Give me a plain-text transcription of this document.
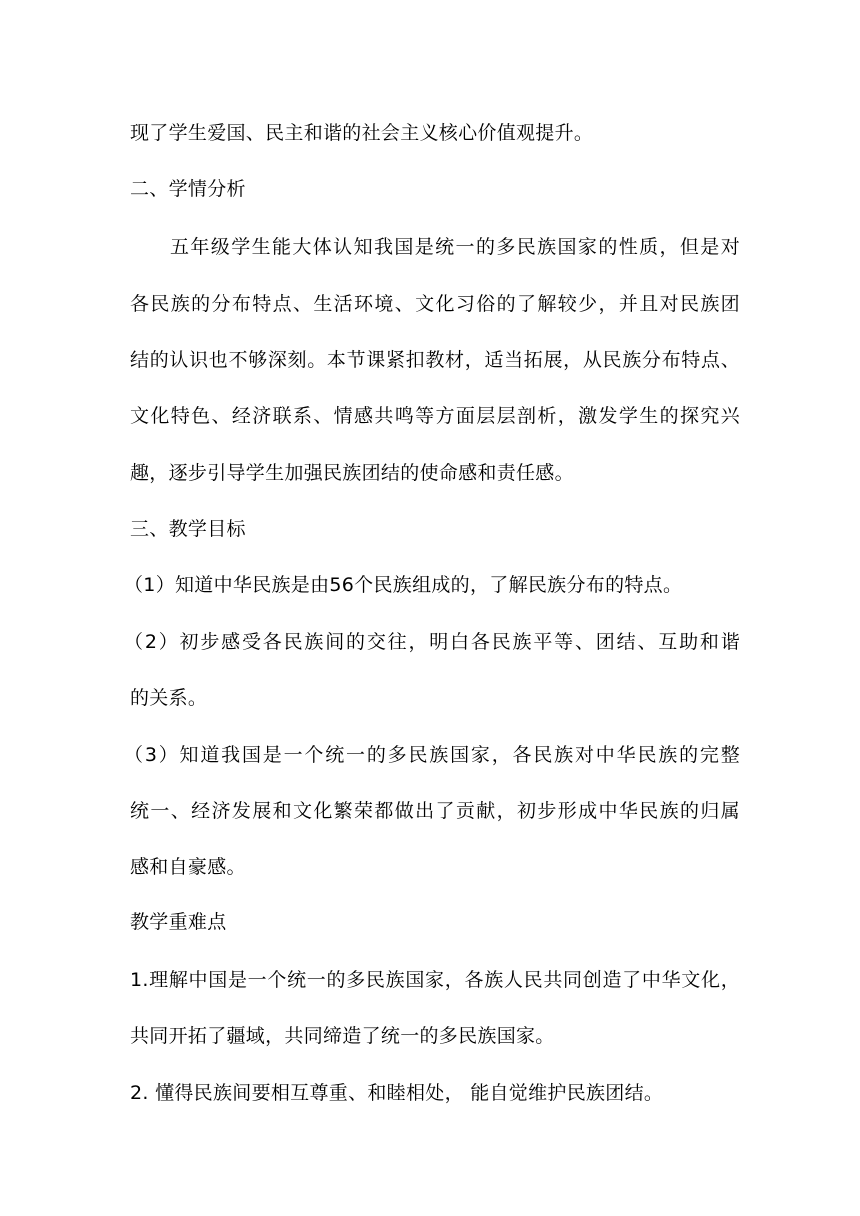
现了学生爱国、民主和谐的社会主义核心价值观提升。
二、学情分析
五年级学生能大体认知我国是统一的多民族国家的性质，但是对
各民族的分布特点、生活环境、文化习俗的了解较少，并且对民族团
结的认识也不够深刻。本节课紧扣教材，适当拓展，从民族分布特点、
文化特色、经济联系、情感共鸣等方面层层剖析，激发学生的探究兴
趣，逐步引导学生加强民族团结的使命感和责任感。
三、教学目标
（1）知道中华民族是由56个民族组成的，了解民族分布的特点。
（2）初步感受各民族间的交往，明白各民族平等、团结、互助和谐
的关系。
（3）知道我国是一个统一的多民族国家，各民族对中华民族的完整
统一、经济发展和文化繁荣都做出了贡献，初步形成中华民族的归属
感和自豪感。
教学重难点
1.理解中国是一个统一的多民族国家，各族人民共同创造了中华文化，
共同开拓了疆域，共同缔造了统一的多民族国家。
2. 懂得民族间要相互尊重、和睦相处， 能自觉维护民族团结。
